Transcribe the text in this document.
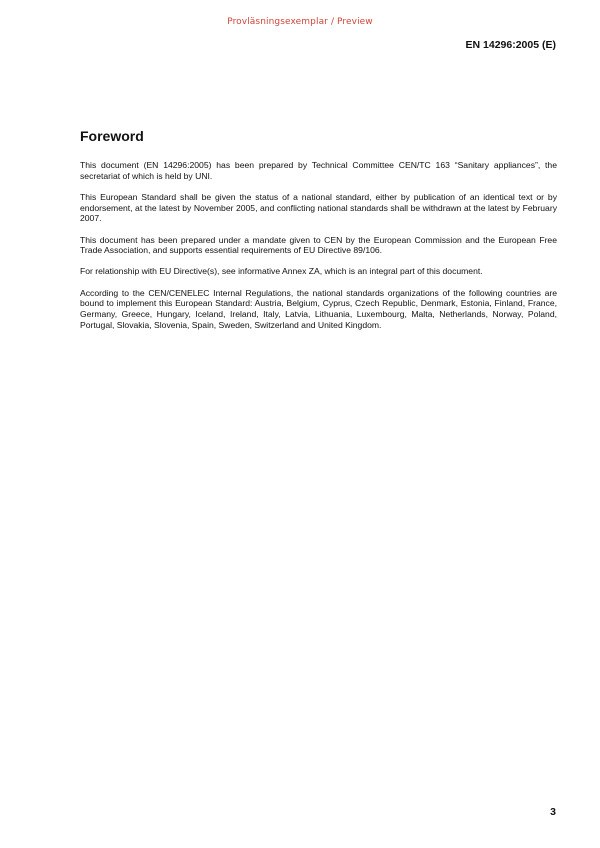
Provläsningsexemplar / Preview
EN 14296:2005 (E)
Foreword

This document (EN 14296:2005) has been prepared by Technical Committee CEN/TC 163 “Sanitary appliances”, the secretariat of which is held by UNI.

This European Standard shall be given the status of a national standard, either by publication of an identical text or by endorsement, at the latest by November 2005, and conflicting national standards shall be withdrawn at the latest by February 2007.

This document has been prepared under a mandate given to CEN by the European Commission and the European Free Trade Association, and supports essential requirements of EU Directive 89/106.

For relationship with EU Directive(s), see informative Annex ZA, which is an integral part of this document.

According to the CEN/CENELEC Internal Regulations, the national standards organizations of the following countries are bound to implement this European Standard: Austria, Belgium, Cyprus, Czech Republic, Denmark, Estonia, Finland, France, Germany, Greece, Hungary, Iceland, Ireland, Italy, Latvia, Lithuania, Luxembourg, Malta, Netherlands, Norway, Poland, Portugal, Slovakia, Slovenia, Spain, Sweden, Switzerland and United Kingdom.

3
